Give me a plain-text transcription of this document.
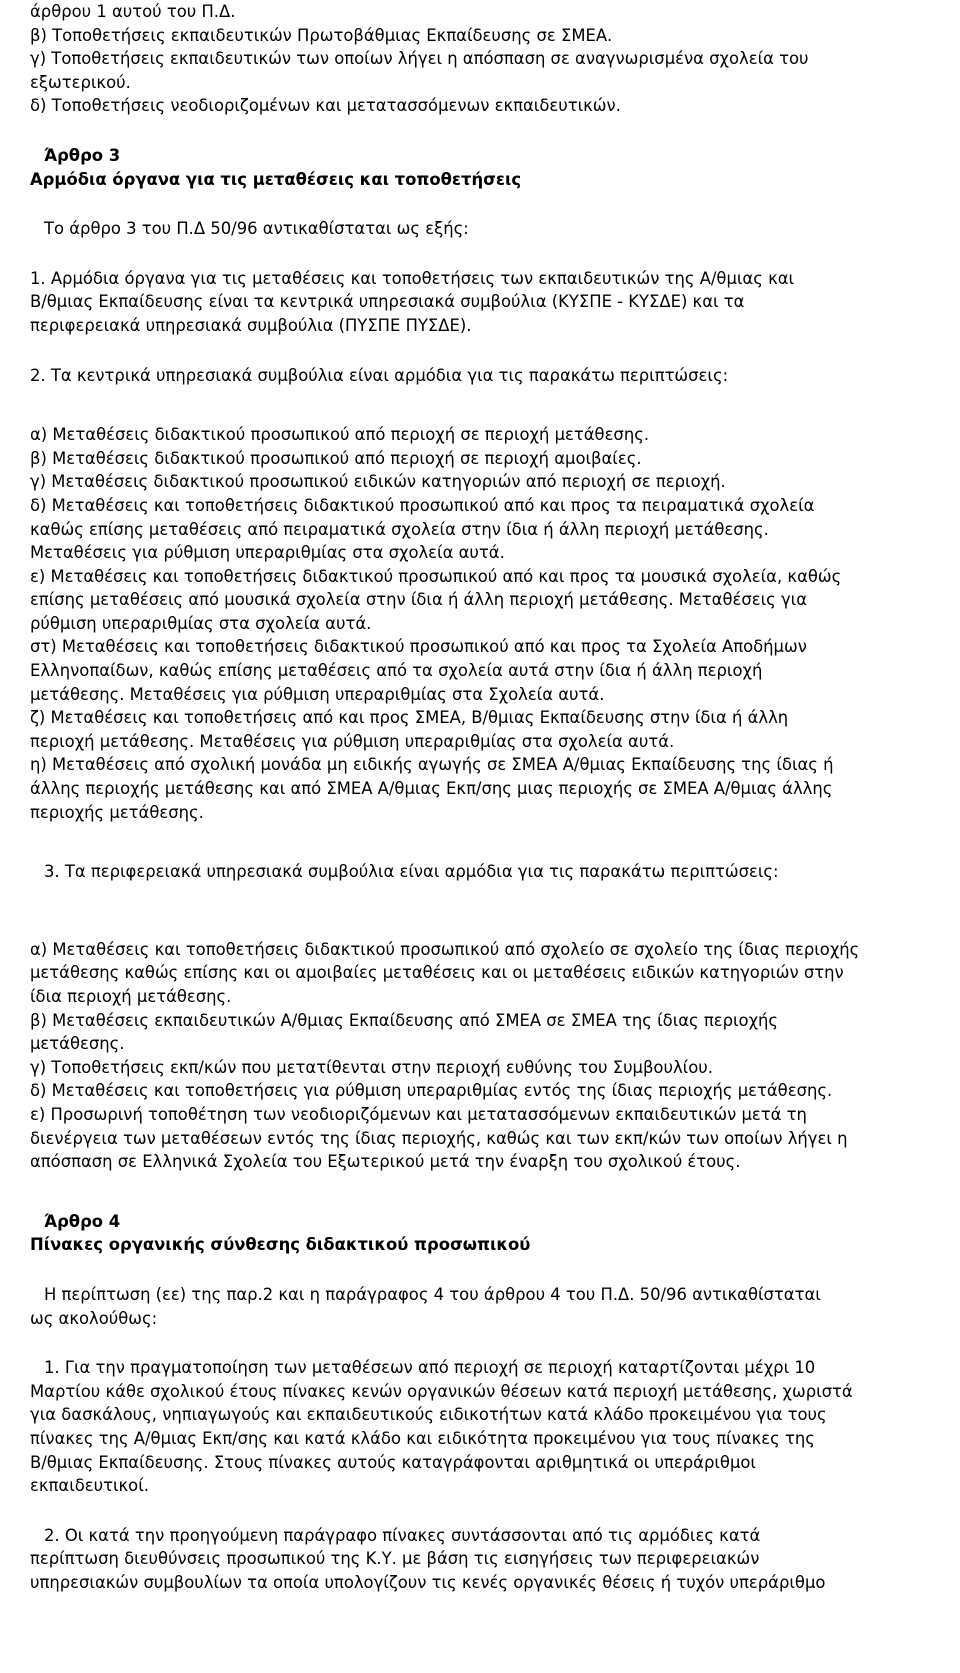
άρθρου 1 αυτού του Π.Δ.

β) Τοποθετήσεις εκπαιδευτικών Πρωτοβάθμιας Εκπαίδευσης σε ΣΜΕΑ.

γ) Τοποθετήσεις εκπαιδευτικών των οποίων λήγει η απόσπαση σε αναγνωρισμένα σχολεία του

εξωτερικού.

δ) Τοποθετήσεις νεοδιοριζομένων και μετατασσόμενων εκπαιδευτικών.

Άρθρο 3

Αρμόδια όργανα για τις μεταθέσεις και τοποθετήσεις

Το άρθρο 3 του Π.Δ 50/96 αντικαθίσταται ως εξής:

1. Αρμόδια όργανα για τις μεταθέσεις και τοποθετήσεις των εκπαιδευτικών της Α/θμιας και

Β/θμιας Εκπαίδευσης είναι τα κεντρικά υπηρεσιακά συμβούλια (ΚΥΣΠΕ - ΚΥΣΔΕ) και τα

περιφερειακά υπηρεσιακά συμβούλια (ΠΥΣΠΕ ΠΥΣΔΕ).

2. Τα κεντρικά υπηρεσιακά συμβούλια είναι αρμόδια για τις παρακάτω περιπτώσεις:

α) Μεταθέσεις διδακτικού προσωπικού από περιοχή σε περιοχή μετάθεσης.

β) Μεταθέσεις διδακτικού προσωπικού από περιοχή σε περιοχή αμοιβαίες.

γ) Μεταθέσεις διδακτικού προσωπικού ειδικών κατηγοριών από περιοχή σε περιοχή.

δ) Μεταθέσεις και τοποθετήσεις διδακτικού προσωπικού από και προς τα πειραματικά σχολεία

καθώς επίσης μεταθέσεις από πειραματικά σχολεία στην ίδια ή άλλη περιοχή μετάθεσης.

Μεταθέσεις για ρύθμιση υπεραριθμίας στα σχολεία αυτά.

ε) Μεταθέσεις και τοποθετήσεις διδακτικού προσωπικού από και προς τα μουσικά σχολεία, καθώς

επίσης μεταθέσεις από μουσικά σχολεία στην ίδια ή άλλη περιοχή μετάθεσης. Μεταθέσεις για

ρύθμιση υπεραριθμίας στα σχολεία αυτά.

στ) Μεταθέσεις και τοποθετήσεις διδακτικού προσωπικού από και προς τα Σχολεία Αποδήμων

Ελληνοπαίδων, καθώς επίσης μεταθέσεις από τα σχολεία αυτά στην ίδια ή άλλη περιοχή

μετάθεσης. Μεταθέσεις για ρύθμιση υπεραριθμίας στα Σχολεία αυτά.

ζ) Μεταθέσεις και τοποθετήσεις από και προς ΣΜΕΑ, Β/θμιας Εκπαίδευσης στην ίδια ή άλλη

περιοχή μετάθεσης. Μεταθέσεις για ρύθμιση υπεραριθμίας στα σχολεία αυτά.

η) Μεταθέσεις από σχολική μονάδα μη ειδικής αγωγής σε ΣΜΕΑ Α/θμιας Εκπαίδευσης της ίδιας ή

άλλης περιοχής μετάθεσης και από ΣΜΕΑ Α/θμιας Εκπ/σης μιας περιοχής σε ΣΜΕΑ Α/θμιας άλλης

περιοχής μετάθεσης.

3. Τα περιφερειακά υπηρεσιακά συμβούλια είναι αρμόδια για τις παρακάτω περιπτώσεις:

α) Μεταθέσεις και τοποθετήσεις διδακτικού προσωπικού από σχολείο σε σχολείο της ίδιας περιοχής

μετάθεσης καθώς επίσης και οι αμοιβαίες μεταθέσεις και οι μεταθέσεις ειδικών κατηγοριών στην

ίδια περιοχή μετάθεσης.

β) Μεταθέσεις εκπαιδευτικών Α/θμιας Εκπαίδευσης από ΣΜΕΑ σε ΣΜΕΑ της ίδιας περιοχής

μετάθεσης.

γ) Τοποθετήσεις εκπ/κών που μετατίθενται στην περιοχή ευθύνης του Συμβουλίου.

δ) Μεταθέσεις και τοποθετήσεις για ρύθμιση υπεραριθμίας εντός της ίδιας περιοχής μετάθεσης.

ε) Προσωρινή τοποθέτηση των νεοδιοριζόμενων και μετατασσόμενων εκπαιδευτικών μετά τη

διενέργεια των μεταθέσεων εντός της ίδιας περιοχής, καθώς και των εκπ/κών των οποίων λήγει η

απόσπαση σε Ελληνικά Σχολεία του Εξωτερικού μετά την έναρξη του σχολικού έτους.

Άρθρο 4

Πίνακες οργανικής σύνθεσης διδακτικού προσωπικού

Η περίπτωση (εε) της παρ.2 και η παράγραφος 4 του άρθρου 4 του Π.Δ. 50/96 αντικαθίσταται

ως ακολούθως:

1. Για την πραγματοποίηση των μεταθέσεων από περιοχή σε περιοχή καταρτίζονται μέχρι 10

Μαρτίου κάθε σχολικού έτους πίνακες κενών οργανικών θέσεων κατά περιοχή μετάθεσης, χωριστά

για δασκάλους, νηπιαγωγούς και εκπαιδευτικούς ειδικοτήτων κατά κλάδο προκειμένου για τους

πίνακες της Α/θμιας Εκπ/σης και κατά κλάδο και ειδικότητα προκειμένου για τους πίνακες της

Β/θμιας Εκπαίδευσης. Στους πίνακες αυτούς καταγράφονται αριθμητικά οι υπεράριθμοι

εκπαιδευτικοί.

2. Οι κατά την προηγούμενη παράγραφο πίνακες συντάσσονται από τις αρμόδιες κατά

περίπτωση διευθύνσεις προσωπικού της Κ.Υ. με βάση τις εισηγήσεις των περιφερειακών

υπηρεσιακών συμβουλίων τα οποία υπολογίζουν τις κενές οργανικές θέσεις ή τυχόν υπεράριθμο
